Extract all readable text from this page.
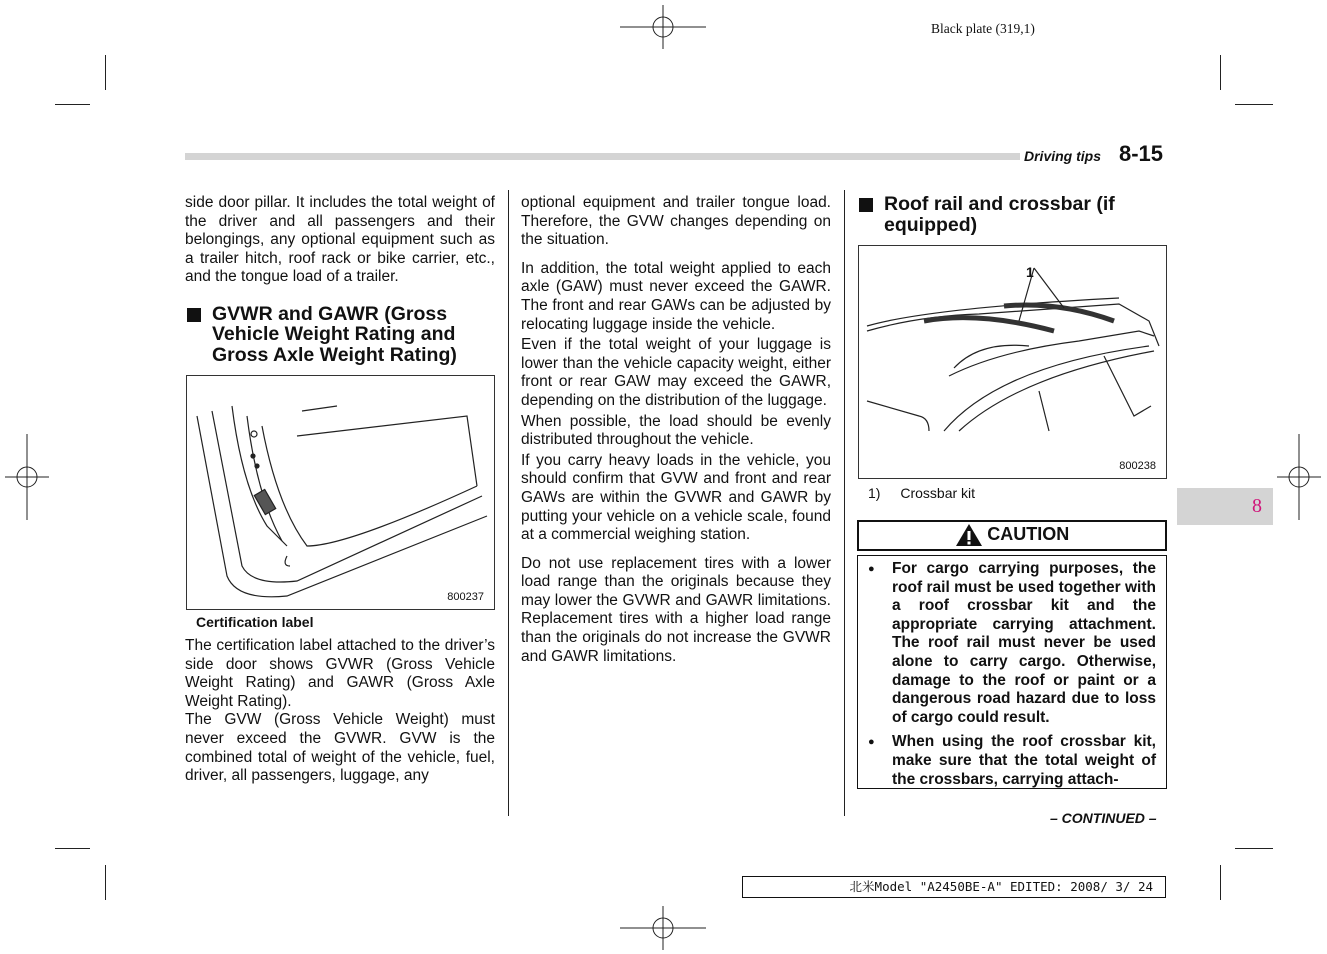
Black plate (319,1)
Driving tips 8-15
8

side door pillar. It includes the total weight of the driver and all passengers and their belongings, any optional equipment such as a trailer hitch, roof rack or bike carrier, etc., and the tongue load of a trailer.

GVWR and GAWR (Gross Vehicle Weight Rating and Gross Axle Weight Rating)
800237
Certification label

The certification label attached to the driver’s side door shows GVWR (Gross Vehicle Weight Rating) and GAWR (Gross Axle Weight Rating).

The GVW (Gross Vehicle Weight) must never exceed the GVWR. GVW is the combined total of weight of the vehicle, fuel, driver, all passengers, luggage, any

optional equipment and trailer tongue load. Therefore, the GVW changes depending on the situation.

In addition, the total weight applied to each axle (GAW) must never exceed the GAWR. The front and rear GAWs can be adjusted by relocating luggage inside the vehicle.

Even if the total weight of your luggage is lower than the vehicle capacity weight, either front or rear GAW may exceed the GAWR, depending on the distribution of the luggage.

When possible, the load should be evenly distributed throughout the vehicle.

If you carry heavy loads in the vehicle, you should confirm that GVW and front and rear GAWs are within the GVWR and GAWR by putting your vehicle on a vehicle scale, found at a commercial weighing station.

Do not use replacement tires with a lower load range than the originals because they may lower the GVWR and GAWR limitations. Replacement tires with a higher load range than the originals do not increase the GVWR and GAWR limitations.

Roof rail and crossbar (if equipped)
1
800238
1) Crossbar kit
CAUTION
● For cargo carrying purposes, the roof rail must be used together with a roof crossbar kit and the appropriate carrying attachment. The roof rail must never be used alone to carry cargo. Otherwise, damage to the roof or paint or a dangerous road hazard due to loss of cargo could result.
● When using the roof crossbar kit, make sure that the total weight of the crossbars, carrying attach-
– CONTINUED –
北米Model "A2450BE-A" EDITED: 2008/ 3/ 24
